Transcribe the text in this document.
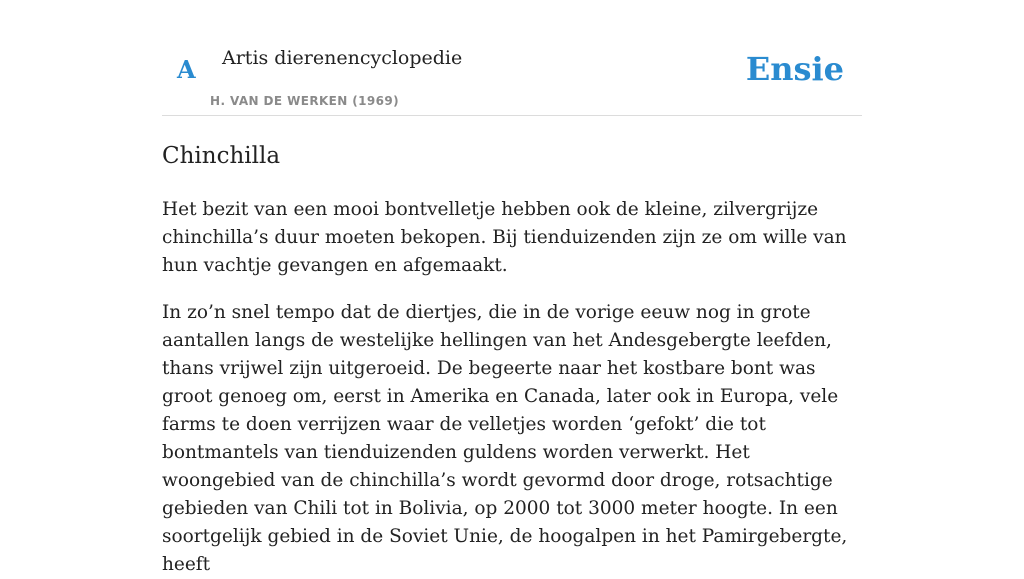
A Artis dierenencyclopedie
H. VAN DE WERKEN (1969)
Ensie
Chinchilla

Het bezit van een mooi bontvelletje hebben ook de kleine, zilvergrijze chinchilla’s duur moeten bekopen. Bij tienduizenden zijn ze om wille van hun vachtje gevangen en afgemaakt.

In zo’n snel tempo dat de diertjes, die in de vorige eeuw nog in grote aantallen langs de westelijke hellingen van het Andesgebergte leefden, thans vrijwel zijn uitgeroeid. De begeerte naar het kostbare bont was groot genoeg om, eerst in Amerika en Canada, later ook in Europa, vele farms te doen verrijzen waar de velletjes worden ‘gefokt’ die tot bontmantels van tienduizenden guldens worden verwerkt. Het woongebied van de chinchilla’s wordt gevormd door droge, rotsachtige gebieden van Chili tot in Bolivia, op 2000 tot 3000 meter hoogte. In een soortgelijk gebied in de Soviet Unie, de hoogalpen in het Pamirgebergte, heeft
